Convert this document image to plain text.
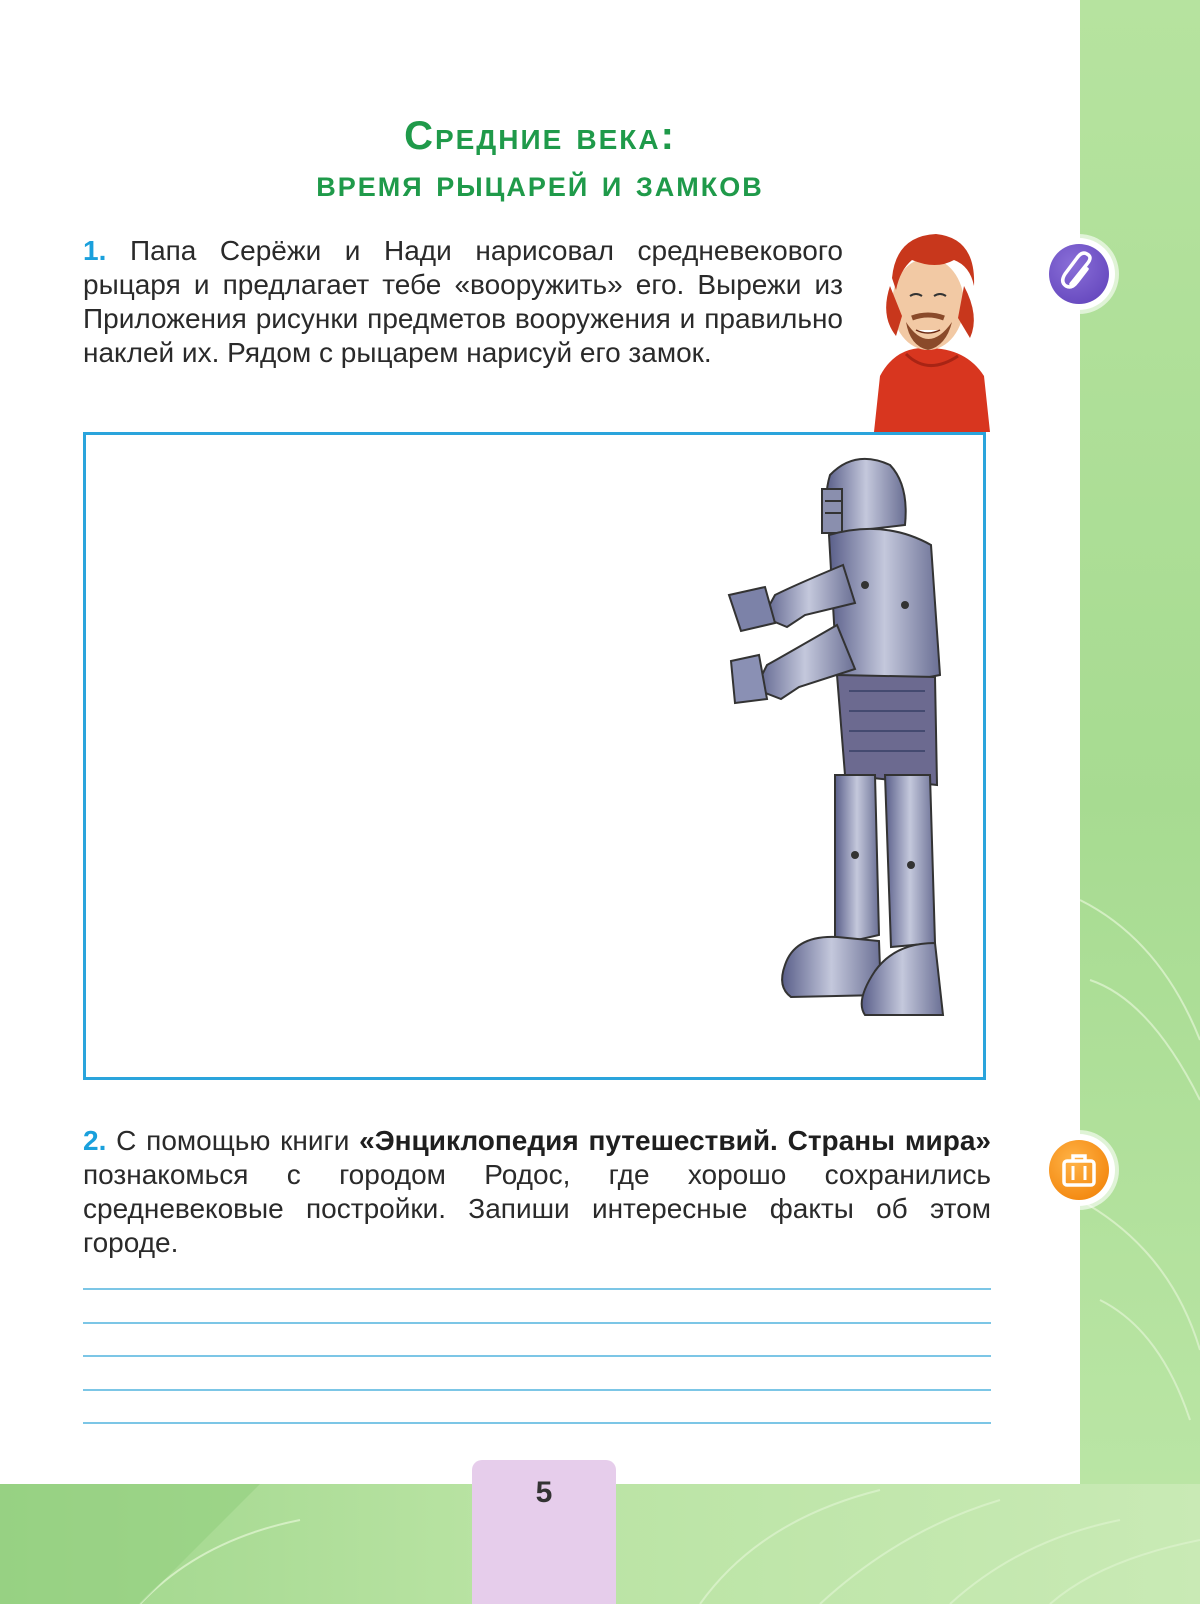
Средние века:
время рыцарей и замков
1. Папа Серёжи и Нади нарисовал средневекового рыцаря и предлагает тебе «вооружить» его. Вырежи из Приложения рисунки предметов вооружения и правильно наклей их. Рядом с рыцарем нарисуй его замок.
2. С помощью книги «Энциклопедия путешествий. Страны мира» познакомься с городом Родос, где хорошо сохранились средневековые постройки. Запиши интересные факты об этом городе.
5
